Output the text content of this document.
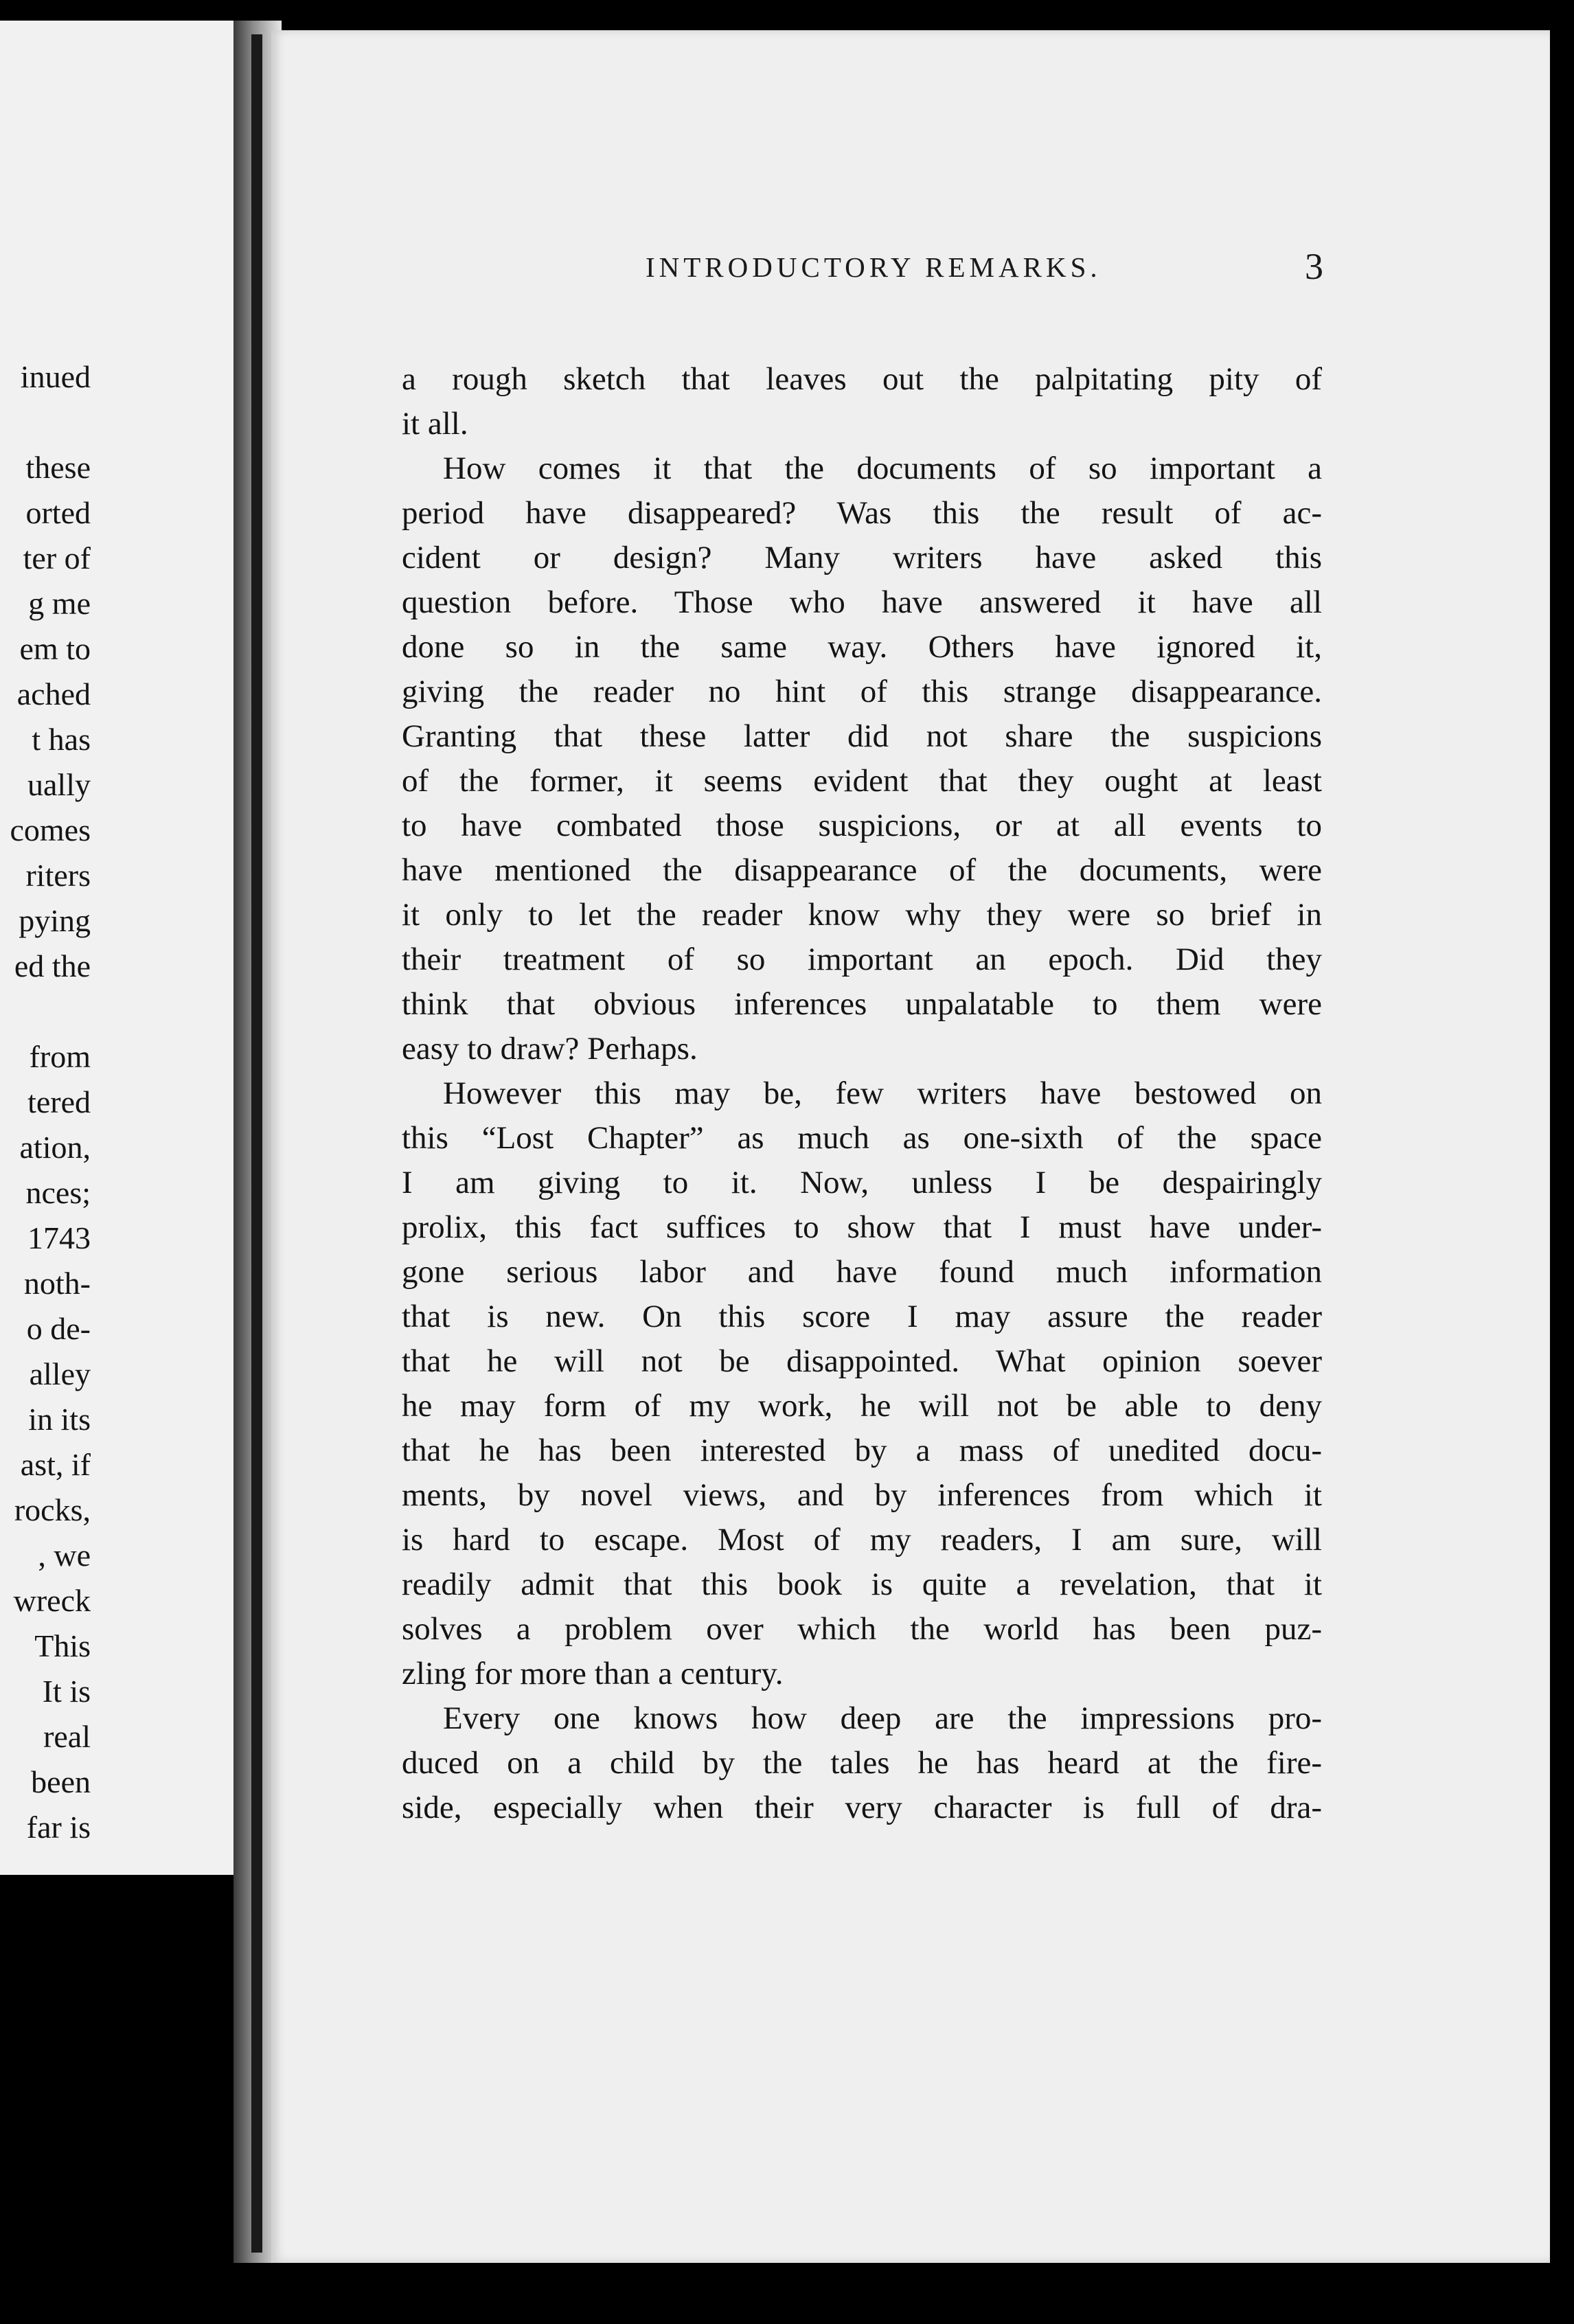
inued
these
orted
ter of
g me
em to
ached
t has
ually
comes
riters
pying
ed the
from
tered
ation,
nces;
1743
noth-
o de-
alley
in its
ast, if
rocks,
, we
wreck
This
It is
real
been
far is
INTRODUCTORY REMARKS.	3
a rough sketch that leaves out the palpitating pity of
it all.
How comes it that the documents of so important a
period have disappeared? Was this the result of ac-
cident or design? Many writers have asked this
question before. Those who have answered it have all
done so in the same way. Others have ignored it,
giving the reader no hint of this strange disappearance.
Granting that these latter did not share the suspicions
of the former, it seems evident that they ought at least
to have combated those suspicions, or at all events to
have mentioned the disappearance of the documents, were
it only to let the reader know why they were so brief in
their treatment of so important an epoch. Did they
think that obvious inferences unpalatable to them were
easy to draw? Perhaps.
However this may be, few writers have bestowed on
this “Lost Chapter” as much as one-sixth of the space
I am giving to it. Now, unless I be despairingly
prolix, this fact suffices to show that I must have under-
gone serious labor and have found much information
that is new. On this score I may assure the reader
that he will not be disappointed. What opinion soever
he may form of my work, he will not be able to deny
that he has been interested by a mass of unedited docu-
ments, by novel views, and by inferences from which it
is hard to escape. Most of my readers, I am sure, will
readily admit that this book is quite a revelation, that it
solves a problem over which the world has been puz-
zling for more than a century.
Every one knows how deep are the impressions pro-
duced on a child by the tales he has heard at the fire-
side, especially when their very character is full of dra-
